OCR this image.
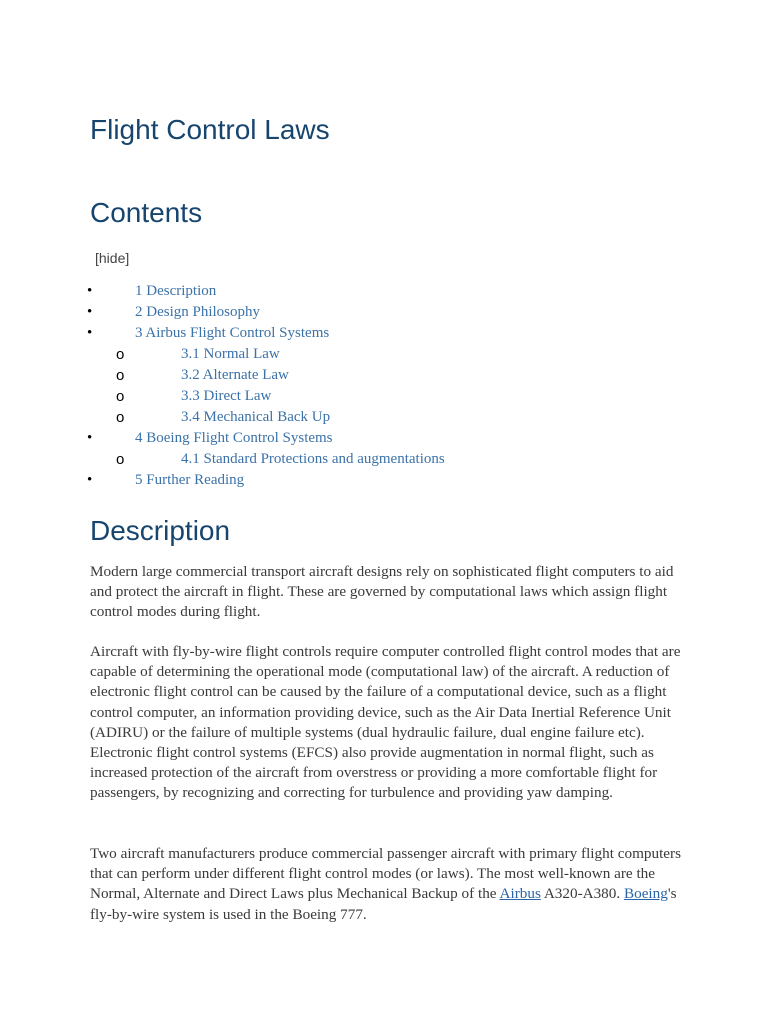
Flight Control Laws
Contents
[hide]
•	1 Description
•	2 Design Philosophy
•	3 Airbus Flight Control Systems
o	3.1 Normal Law
o	3.2 Alternate Law
o	3.3 Direct Law
o	3.4 Mechanical Back Up
•	4 Boeing Flight Control Systems
o	4.1 Standard Protections and augmentations
•	5 Further Reading
Description

Modern large commercial transport aircraft designs rely on sophisticated flight computers to aid and protect the aircraft in flight. These are governed by computational laws which assign flight control modes during flight.

Aircraft with fly-by-wire flight controls require computer controlled flight control modes that are capable of determining the operational mode (computational law) of the aircraft. A reduction of electronic flight control can be caused by the failure of a computational device, such as a flight control computer, an information providing device, such as the Air Data Inertial Reference Unit (ADIRU) or the failure of multiple systems (dual hydraulic failure, dual engine failure etc). Electronic flight control systems (EFCS) also provide augmentation in normal flight, such as increased protection of the aircraft from overstress or providing a more comfortable flight for passengers, by recognizing and correcting for turbulence and providing yaw damping.

Two aircraft manufacturers produce commercial passenger aircraft with primary flight computers that can perform under different flight control modes (or laws). The most well-known are the Normal, Alternate and Direct Laws plus Mechanical Backup of the Airbus A320-A380. Boeing's fly-by-wire system is used in the Boeing 777.
